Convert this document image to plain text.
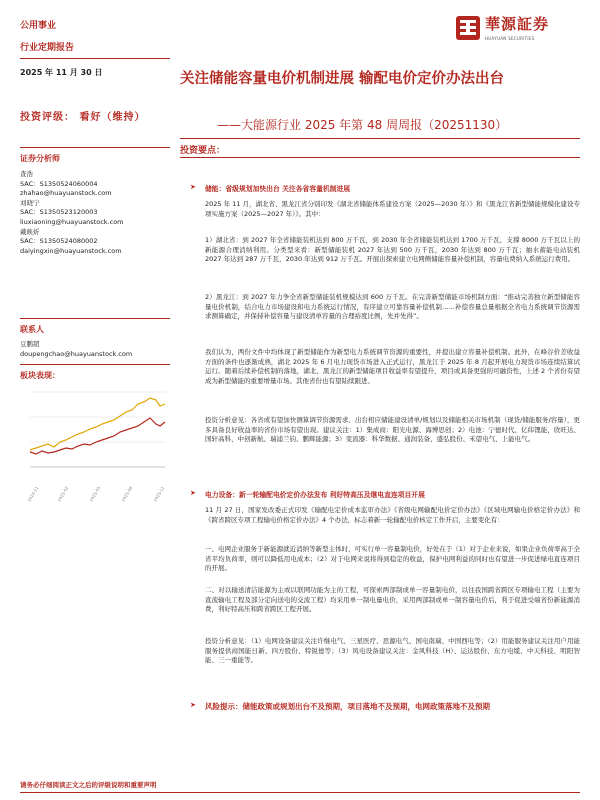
公用事业
行业定期报告
2025 年 11 月 30 日
投资评级： 看好（维持）
证券分析师
查浩
SAC：S1350524060004
zhahao@huayuanstock.com
刘晓宁
SAC：S1350523120003
liuxiaoning@huayuanstock.com
戴映炘
SAC：S1350524080002
daiyingxin@huayuanstock.com
联系人
豆鹏超
doupengchao@huayuanstock.com
板块表现：
2024-11	2025-02	2025-05	2025-08	2025-11
華源証券
HUAYUAN SECURITIES
关注储能容量电价机制进展 输配电价定价办法出台
——大能源行业 2025 年第 48 周周报（20251130）
投资要点：
➤ 储能：省级规划加快出台 关注各省容量机制进展
2025 年 11 月，湖北省、黑龙江省分别印发《湖北省储能体系建设方案（2025—2030 年）》和《黑龙江省新型储能规模化建设专项实施方案（2025—2027 年）》。其中：
1）湖北省：到 2027 年全省储能装机达到 800 万千瓦，到 2030 年全省储能装机达到 1700 万千瓦，支撑 8000 万千瓦以上的新能源合理消纳利用。分类型来看：新型储能装机 2027 年达到 500 万千瓦，2030 年达到 800 万千瓦；抽水蓄能电站装机 2027 年达到 287 万千瓦，2030 年达到 912 万千瓦。开展出探索建立电网侧储能容量补偿机制，容量电费纳入系统运行费用。
2）黑龙江：到 2027 年力争全省新型储能装机规模达到 600 万千瓦。在完善新型储能市场机制方面：“推动完善独立新型储能容量电价机制，结合电力市场建设和电力系统运行情况，有序建立可靠容量补偿机制……补偿容量总量根据全省电力系统调节资源需求测算确定，并保持补偿容量与建设清单容量的合理裕度比例，先并先得”。
我们认为，两份文件中均体现了新型储能作为新型电力系统调节资源的重要性，并提出建立容量补偿机制。此外，在峰谷价差收益方面的条件也逐渐成熟，湖北 2025 年 6 月电力现货市场进入正式运行，黑龙江于 2025 年 8 月起开展电力现货市场连续结算试运行。随着后续补偿机制的落地，湖北、黑龙江的新型储能项目收益率有望提升，项目或具备更强的可融资性，上述 2 个省份有望成为新型储能的重要增量市场。其他省份也有望陆续跟进。
投资分析意见：各省或有望加快测算调节资源需求、出台相应储能建设清单/规划以及储能相关市场机制（现货/储能服务/容量），更多具备良好收益率的省份市场有望出现。建议关注：1）集成商：阳光电源、海博思创；2）电池：宁德时代、亿纬锂能、欣旺达、国轩高科、中创新航、瑞浦兰钧、鹏辉能源；3）变流器：科华数据、通润装备、盛弘股份、禾望电气、上能电气。
➤ 电力设备：新一轮输配电价定价办法发布 利好特高压及继电直连项目开展
11 月 27 日，国家发改委正式印发《输配电定价成本监审办法》《省级电网输配电价定价办法》《区域电网输电价格定价办法》和《跨省跨区专项工程输电价格定价办法》4 个办法，标志着新一轮输配电价核定工作开启，主要变化有：
一、电网企业服务于新能源就近消纳等新型主体时，可实行单一容量制电价，好处在于（1）对于企业来说，如果企业负荷率高于全省平均负荷率，则可以降低用电成本；（2）对于电网来说将得到稳定的收益，保护电网利益的同时也有望进一步促进绿电直连项目的开展。
二、对以输送清洁能源为主或以联网功能为主的工程，可探索两部制或单一容量制电价，以往我国跨省跨区专项输电工程（主要为直流输电工程及部分定向送电的交流工程）均采用单一制电量电价，采用两部制或单一制容量电价后，利于促进受端省份新能源消费，利好特高压和跨省跨区工程开展。
投资分析意见：（1）电网设备建议关注许继电气、三星医疗、思源电气、国电南瑞、中国西电等；（2）用能服务建议关注用户用能服务提供商国能日新、四方股份、特锐德等；（3）风电设备建议关注：金风科技（H）、运达股份、东方电缆、中天科技、明阳智能、三一重能等。
➤ 风险提示：储能政策或规划出台不及预期，项目落地不及预期，电网政策落地不及预期
请务必仔细阅读正文之后的评级说明和重要声明
